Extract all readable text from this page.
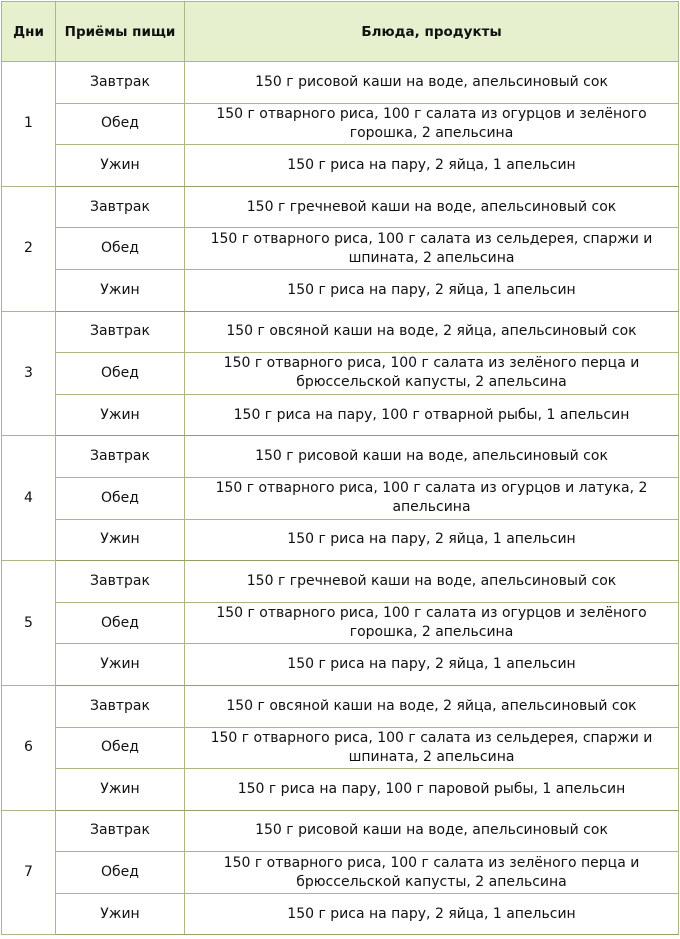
Дни	Приёмы пищи	Блюда, продукты
1	Завтрак	150 г рисовой каши на воде, апельсиновый сок
	Обед	150 г отварного риса, 100 г салата из огурцов и зелёного горошка, 2 апельсина
	Ужин	150 г риса на пару, 2 яйца, 1 апельсин
2	Завтрак	150 г гречневой каши на воде, апельсиновый сок
	Обед	150 г отварного риса, 100 г салата из сельдерея, спаржи и шпината, 2 апельсина
	Ужин	150 г риса на пару, 2 яйца, 1 апельсин
3	Завтрак	150 г овсяной каши на воде, 2 яйца, апельсиновый сок
	Обед	150 г отварного риса, 100 г салата из зелёного перца и брюссельской капусты, 2 апельсина
	Ужин	150 г риса на пару, 100 г отварной рыбы, 1 апельсин
4	Завтрак	150 г рисовой каши на воде, апельсиновый сок
	Обед	150 г отварного риса, 100 г салата из огурцов и латука, 2 апельсина
	Ужин	150 г риса на пару, 2 яйца, 1 апельсин
5	Завтрак	150 г гречневой каши на воде, апельсиновый сок
	Обед	150 г отварного риса, 100 г салата из огурцов и зелёного горошка, 2 апельсина
	Ужин	150 г риса на пару, 2 яйца, 1 апельсин
6	Завтрак	150 г овсяной каши на воде, 2 яйца, апельсиновый сок
	Обед	150 г отварного риса, 100 г салата из сельдерея, спаржи и шпината, 2 апельсина
	Ужин	150 г риса на пару, 100 г паровой рыбы, 1 апельсин
7	Завтрак	150 г рисовой каши на воде, апельсиновый сок
	Обед	150 г отварного риса, 100 г салата из зелёного перца и брюссельской капусты, 2 апельсина
	Ужин	150 г риса на пару, 2 яйца, 1 апельсин
